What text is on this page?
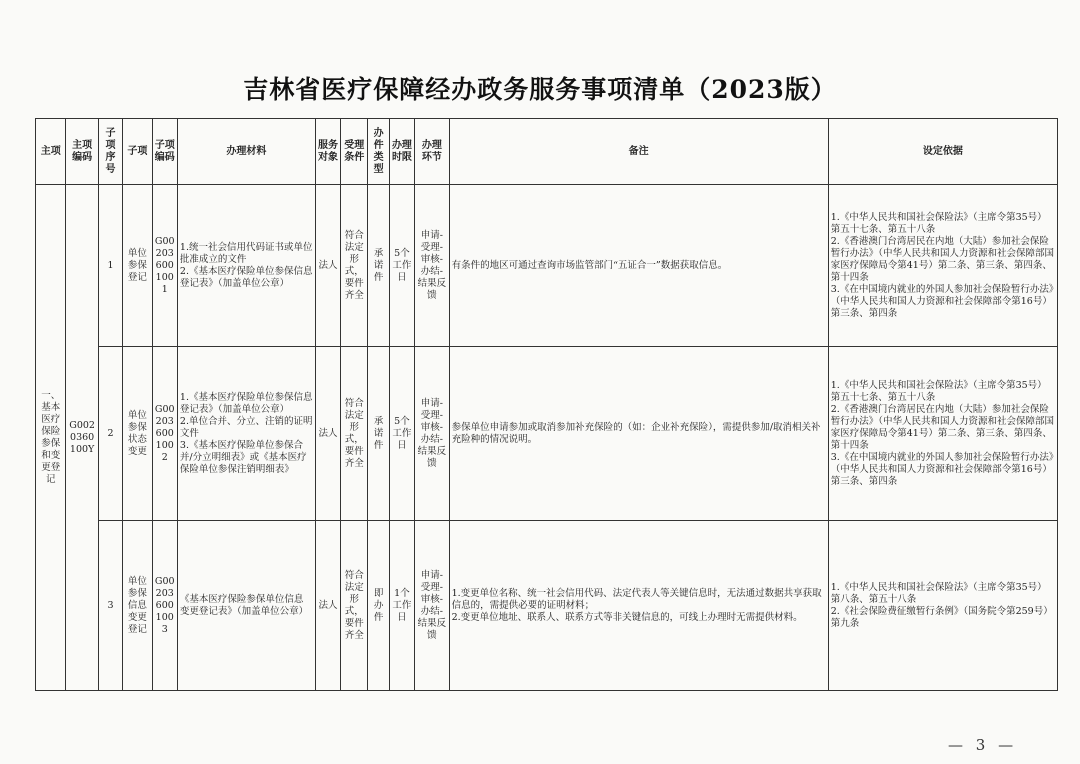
吉林省医疗保障经办政务服务事项清单（2023版）
主项	主项编码	子项序号	子项	子项编码	办理材料	服务对象	受理条件	办件类型	办理时限	办理环节	备注	设定依据
一、基本医疗保险参保和变更登记	G0020360100Y	1	单位参保登记	G002036001001	1.统一社会信用代码证书或单位批准成立的文件
2.《基本医疗保险单位参保信息登记表》（加盖单位公章）	法人	符合法定形式，要件齐全	承诺件	5个工作日	申请-受理-审核-办结-结果反馈	有条件的地区可通过查询市场监管部门“五证合一”数据获取信息。	1.《中华人民共和国社会保险法》（主席令第35号）第五十七条、第五十八条
2.《香港澳门台湾居民在内地（大陆）参加社会保险暂行办法》（中华人民共和国人力资源和社会保障部国家医疗保障局令第41号）第二条、第三条、第四条、第十四条
3.《在中国境内就业的外国人参加社会保险暂行办法》（中华人民共和国人力资源和社会保障部令第16号）第三条、第四条
		2	单位参保状态变更	G002036001002	1.《基本医疗保险单位参保信息登记表》（加盖单位公章）
2.单位合并、分立、注销的证明文件
3.《基本医疗保险单位参保合并/分立明细表》或《基本医疗保险单位参保注销明细表》	法人	符合法定形式，要件齐全	承诺件	5个工作日	申请-受理-审核-办结-结果反馈	参保单位申请参加或取消参加补充保险的（如：企业补充保险），需提供参加/取消相关补充险种的情况说明。	1.《中华人民共和国社会保险法》（主席令第35号）第五十七条、第五十八条
2.《香港澳门台湾居民在内地（大陆）参加社会保险暂行办法》（中华人民共和国人力资源和社会保障部国家医疗保障局令第41号）第二条、第三条、第四条、第十四条
3.《在中国境内就业的外国人参加社会保险暂行办法》（中华人民共和国人力资源和社会保障部令第16号）第三条、第四条
		3	单位参保信息变更登记	G002036001003	《基本医疗保险参保单位信息变更登记表》（加盖单位公章）	法人	符合法定形式，要件齐全	即办件	1个工作日	申请-受理-审核-办结-结果反馈	1.变更单位名称、统一社会信用代码、法定代表人等关键信息时，无法通过数据共享获取信息的，需提供必要的证明材料；
2.变更单位地址、联系人、联系方式等非关键信息的，可线上办理时无需提供材料。	1.《中华人民共和国社会保险法》（主席令第35号）第八条、第五十八条
2.《社会保险费征缴暂行条例》（国务院令第259号）第九条
— 3 —
